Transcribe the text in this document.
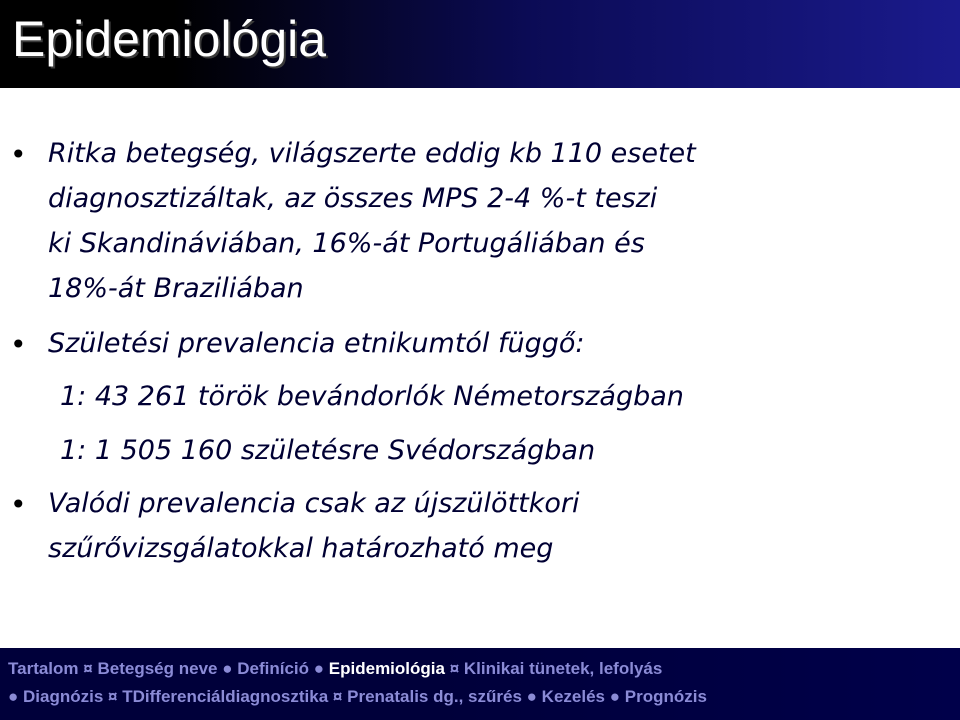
Epidemiológia
• Ritka betegség, világszerte eddig kb 110 esetet
diagnosztizáltak, az összes MPS 2-4 %-t teszi
ki Skandináviában, 16%-át Portugáliában és
18%-át Braziliában
• Születési prevalencia etnikumtól függő:
1: 43 261 török bevándorlók Németországban
1: 1 505 160 születésre Svédországban
• Valódi prevalencia csak az újszülöttkori
szűrővizsgálatokkal határozható meg
Tartalom ¤ Betegség neve ● Definíció ● Epidemiológia ¤ Klinikai tünetek, lefolyás
● Diagnózis ¤ TDifferenciáldiagnosztika ¤ Prenatalis dg., szűrés ● Kezelés ● Prognózis
